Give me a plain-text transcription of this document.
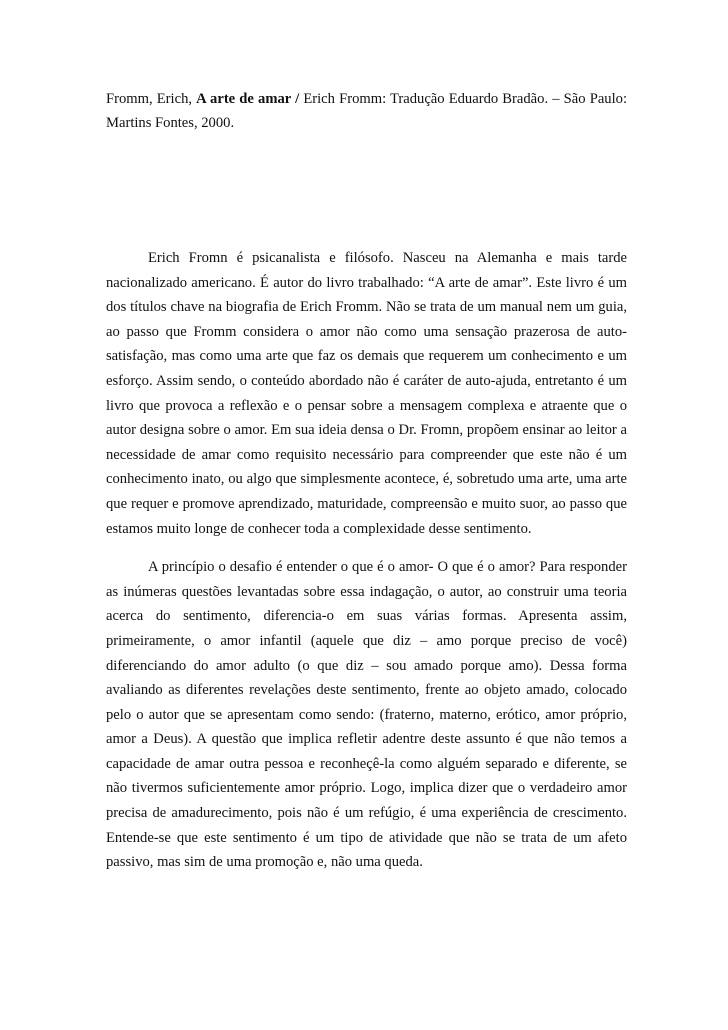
Fromm, Erich, A arte de amar / Erich Fromm: Tradução Eduardo Bradão. – São Paulo:
Martins Fontes, 2000.

Erich Fromn é psicanalista e filósofo. Nasceu na Alemanha e mais tarde nacionalizado americano. É autor do livro trabalhado: “A arte de amar”. Este livro é um dos títulos chave na biografia de Erich Fromm. Não se trata de um manual nem um guia, ao passo que Fromm considera o amor não como uma sensação prazerosa de auto-satisfação, mas como uma arte que faz os demais que requerem um conhecimento e um esforço. Assim sendo, o conteúdo abordado não é caráter de auto-ajuda, entretanto é um livro que provoca a reflexão e o pensar sobre a mensagem complexa e atraente que o autor designa sobre o amor. Em sua ideia densa o Dr. Fromn, propõem ensinar ao leitor a necessidade de amar como requisito necessário para compreender que este não é um conhecimento inato, ou algo que simplesmente acontece, é, sobretudo uma arte, uma arte que requer e promove aprendizado, maturidade, compreensão e muito suor, ao passo que estamos muito longe de conhecer toda a complexidade desse sentimento.

A princípio o desafio é entender o que é o amor- O que é o amor? Para responder as inúmeras questões levantadas sobre essa indagação, o autor, ao construir uma teoria acerca do sentimento, diferencia-o em suas várias formas. Apresenta assim, primeiramente, o amor infantil (aquele que diz – amo porque preciso de você) diferenciando do amor adulto (o que diz – sou amado porque amo). Dessa forma avaliando as diferentes revelações deste sentimento, frente ao objeto amado, colocado pelo o autor que se apresentam como sendo: (fraterno, materno, erótico, amor próprio, amor a Deus). A questão que implica refletir adentre deste assunto é que não temos a capacidade de amar outra pessoa e reconheçê-la como alguém separado e diferente, se não tivermos suficientemente amor próprio. Logo, implica dizer que o verdadeiro amor precisa de amadurecimento, pois não é um refúgio, é uma experiência de crescimento. Entende-se que este sentimento é um tipo de atividade que não se trata de um afeto passivo, mas sim de uma promoção e, não uma queda.
